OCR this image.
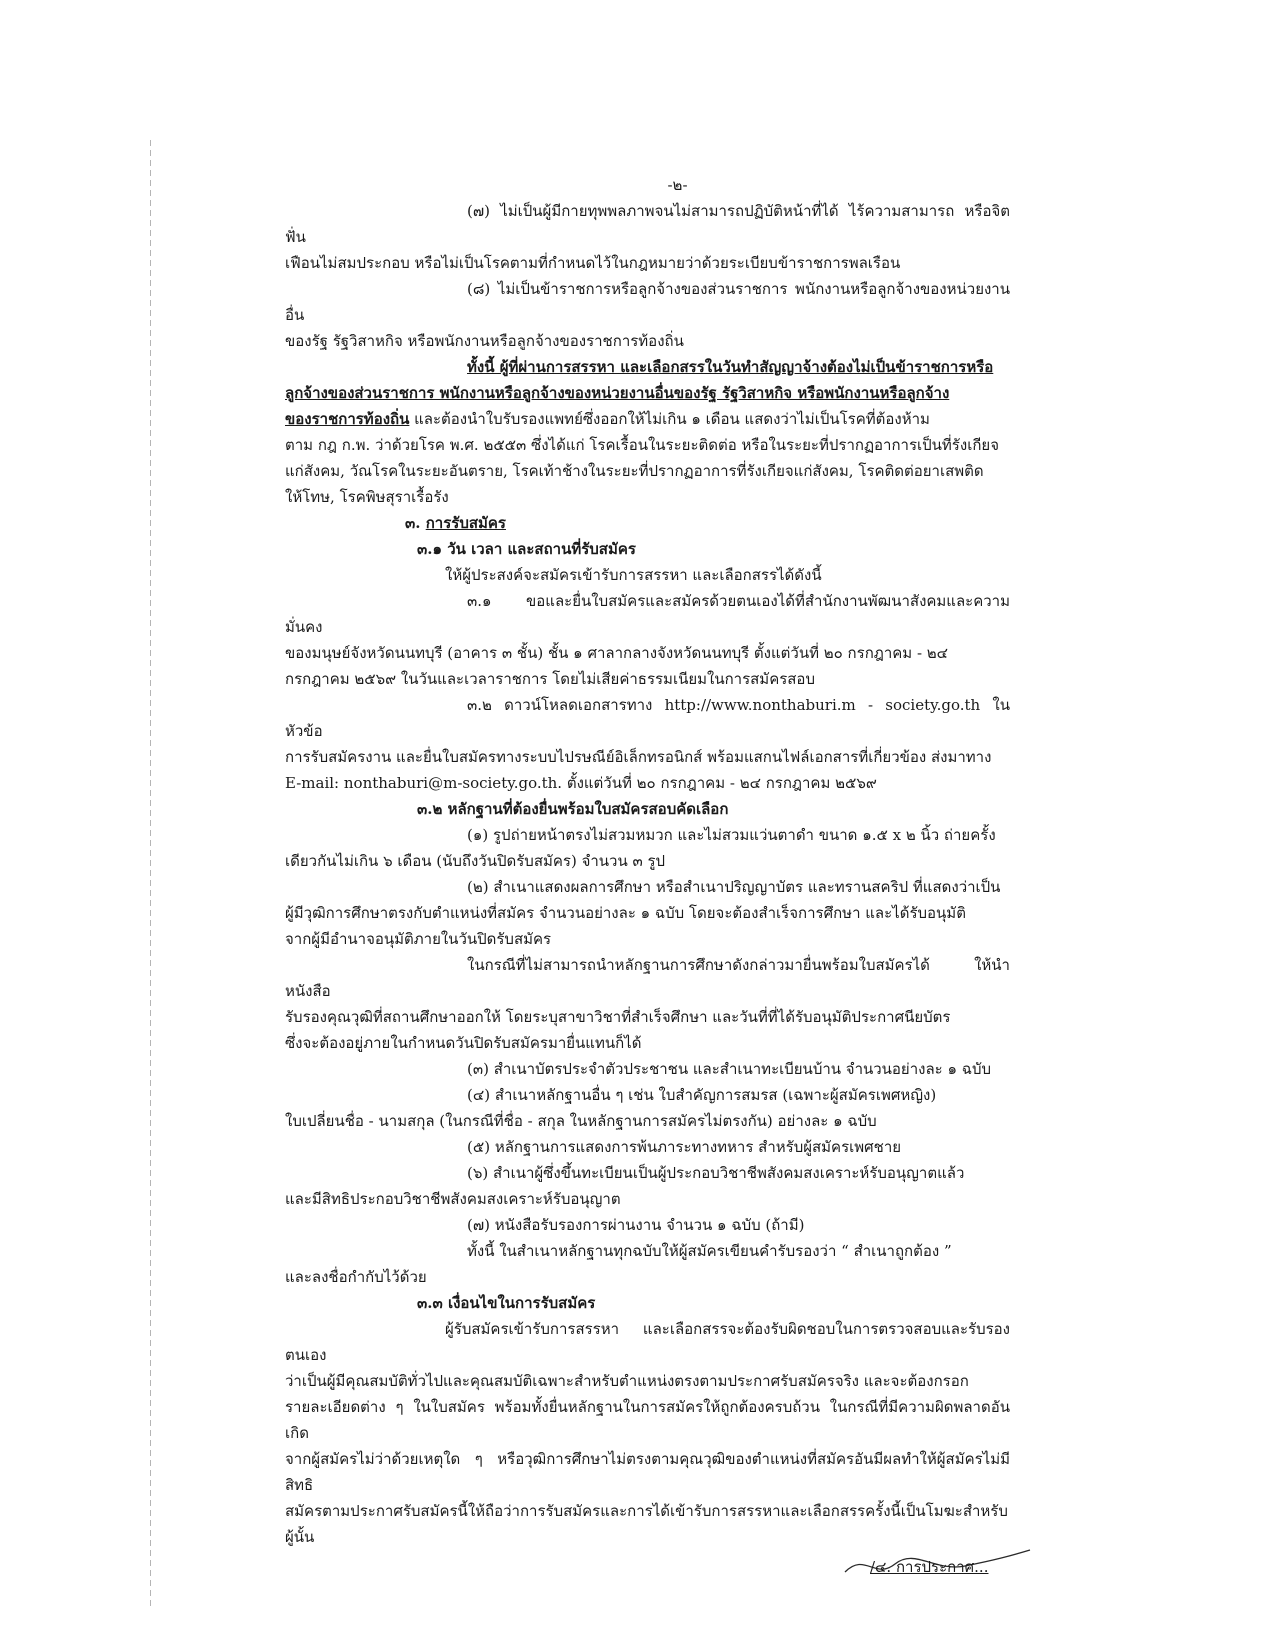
-๒-
(๗) ไม่เป็นผู้มีกายทุพพลภาพจนไม่สามารถปฏิบัติหน้าที่ได้ ไร้ความสามารถ หรือจิตฟั่น
เฟือนไม่สมประกอบ หรือไม่เป็นโรคตามที่กำหนดไว้ในกฎหมายว่าด้วยระเบียบข้าราชการพลเรือน
(๘) ไม่เป็นข้าราชการหรือลูกจ้างของส่วนราชการ พนักงานหรือลูกจ้างของหน่วยงานอื่น
ของรัฐ รัฐวิสาหกิจ หรือพนักงานหรือลูกจ้างของราชการท้องถิ่น
ทั้งนี้ ผู้ที่ผ่านการสรรหา และเลือกสรรในวันทำสัญญาจ้างต้องไม่เป็นข้าราชการหรือ
ลูกจ้างของส่วนราชการ พนักงานหรือลูกจ้างของหน่วยงานอื่นของรัฐ รัฐวิสาหกิจ หรือพนักงานหรือลูกจ้าง
ของราชการท้องถิ่น และต้องนำใบรับรองแพทย์ซึ่งออกให้ไม่เกิน ๑ เดือน แสดงว่าไม่เป็นโรคที่ต้องห้าม
ตาม กฎ ก.พ. ว่าด้วยโรค พ.ศ. ๒๕๕๓ ซึ่งได้แก่ โรคเรื้อนในระยะติดต่อ หรือในระยะที่ปรากฏอาการเป็นที่รังเกียจ
แก่สังคม, วัณโรคในระยะอันตราย, โรคเท้าช้างในระยะที่ปรากฏอาการที่รังเกียจแก่สังคม, โรคติดต่อยาเสพติด
ให้โทษ, โรคพิษสุราเรื้อรัง
๓. การรับสมัคร
๓.๑ วัน เวลา และสถานที่รับสมัคร
ให้ผู้ประสงค์จะสมัครเข้ารับการสรรหา และเลือกสรรได้ดังนี้
๓.๑ ขอและยื่นใบสมัครและสมัครด้วยตนเองได้ที่สำนักงานพัฒนาสังคมและความมั่นคง
ของมนุษย์จังหวัดนนทบุรี (อาคาร ๓ ชั้น) ชั้น ๑ ศาลากลางจังหวัดนนทบุรี ตั้งแต่วันที่ ๒๐ กรกฎาคม - ๒๔
กรกฎาคม ๒๕๖๙ ในวันและเวลาราชการ โดยไม่เสียค่าธรรมเนียมในการสมัครสอบ
๓.๒ ดาวน์โหลดเอกสารทาง http://www.nonthaburi.m - society.go.th ในหัวข้อ
การรับสมัครงาน และยื่นใบสมัครทางระบบไปรษณีย์อิเล็กทรอนิกส์ พร้อมแสกนไฟล์เอกสารที่เกี่ยวข้อง ส่งมาทาง
E-mail: nonthaburi@m-society.go.th. ตั้งแต่วันที่ ๒๐ กรกฎาคม - ๒๔ กรกฎาคม ๒๕๖๙
๓.๒ หลักฐานที่ต้องยื่นพร้อมใบสมัครสอบคัดเลือก
(๑) รูปถ่ายหน้าตรงไม่สวมหมวก และไม่สวมแว่นตาดำ ขนาด ๑.๕ x ๒ นิ้ว ถ่ายครั้ง
เดียวกันไม่เกิน ๖ เดือน (นับถึงวันปิดรับสมัคร) จำนวน ๓ รูป
(๒) สำเนาแสดงผลการศึกษา หรือสำเนาปริญญาบัตร และทรานสคริป ที่แสดงว่าเป็น
ผู้มีวุฒิการศึกษาตรงกับตำแหน่งที่สมัคร จำนวนอย่างละ ๑ ฉบับ โดยจะต้องสำเร็จการศึกษา และได้รับอนุมัติ
จากผู้มีอำนาจอนุมัติภายในวันปิดรับสมัคร
ในกรณีที่ไม่สามารถนำหลักฐานการศึกษาดังกล่าวมายื่นพร้อมใบสมัครได้ ให้นำหนังสือ
รับรองคุณวุฒิที่สถานศึกษาออกให้ โดยระบุสาขาวิชาที่สำเร็จศึกษา และวันที่ที่ได้รับอนุมัติประกาศนียบัตร
ซึ่งจะต้องอยู่ภายในกำหนดวันปิดรับสมัครมายื่นแทนก็ได้
(๓) สำเนาบัตรประจำตัวประชาชน และสำเนาทะเบียนบ้าน จำนวนอย่างละ ๑ ฉบับ
(๔) สำเนาหลักฐานอื่น ๆ เช่น ใบสำคัญการสมรส (เฉพาะผู้สมัครเพศหญิง)
ใบเปลี่ยนชื่อ - นามสกุล (ในกรณีที่ชื่อ - สกุล ในหลักฐานการสมัครไม่ตรงกัน) อย่างละ ๑ ฉบับ
(๕) หลักฐานการแสดงการพ้นภาระทางทหาร สำหรับผู้สมัครเพศชาย
(๖) สำเนาผู้ซึ่งขึ้นทะเบียนเป็นผู้ประกอบวิชาชีพสังคมสงเคราะห์รับอนุญาตแล้ว
และมีสิทธิประกอบวิชาชีพสังคมสงเคราะห์รับอนุญาต
(๗) หนังสือรับรองการผ่านงาน จำนวน ๑ ฉบับ (ถ้ามี)
ทั้งนี้ ในสำเนาหลักฐานทุกฉบับให้ผู้สมัครเขียนคำรับรองว่า “ สำเนาถูกต้อง ”
และลงชื่อกำกับไว้ด้วย
๓.๓ เงื่อนไขในการรับสมัคร
ผู้รับสมัครเข้ารับการสรรหา และเลือกสรรจะต้องรับผิดชอบในการตรวจสอบและรับรองตนเอง
ว่าเป็นผู้มีคุณสมบัติทั่วไปและคุณสมบัติเฉพาะสำหรับตำแหน่งตรงตามประกาศรับสมัครจริง และจะต้องกรอก
รายละเอียดต่าง ๆ ในใบสมัคร พร้อมทั้งยื่นหลักฐานในการสมัครให้ถูกต้องครบถ้วน ในกรณีที่มีความผิดพลาดอันเกิด
จากผู้สมัครไม่ว่าด้วยเหตุใด ๆ หรือวุฒิการศึกษาไม่ตรงตามคุณวุฒิของตำแหน่งที่สมัครอันมีผลทำให้ผู้สมัครไม่มีสิทธิ
สมัครตามประกาศรับสมัครนี้ให้ถือว่าการรับสมัครและการได้เข้ารับการสรรหาและเลือกสรรครั้งนี้เป็นโมฆะสำหรับผู้นั้น
/๔. การประกาศ...
